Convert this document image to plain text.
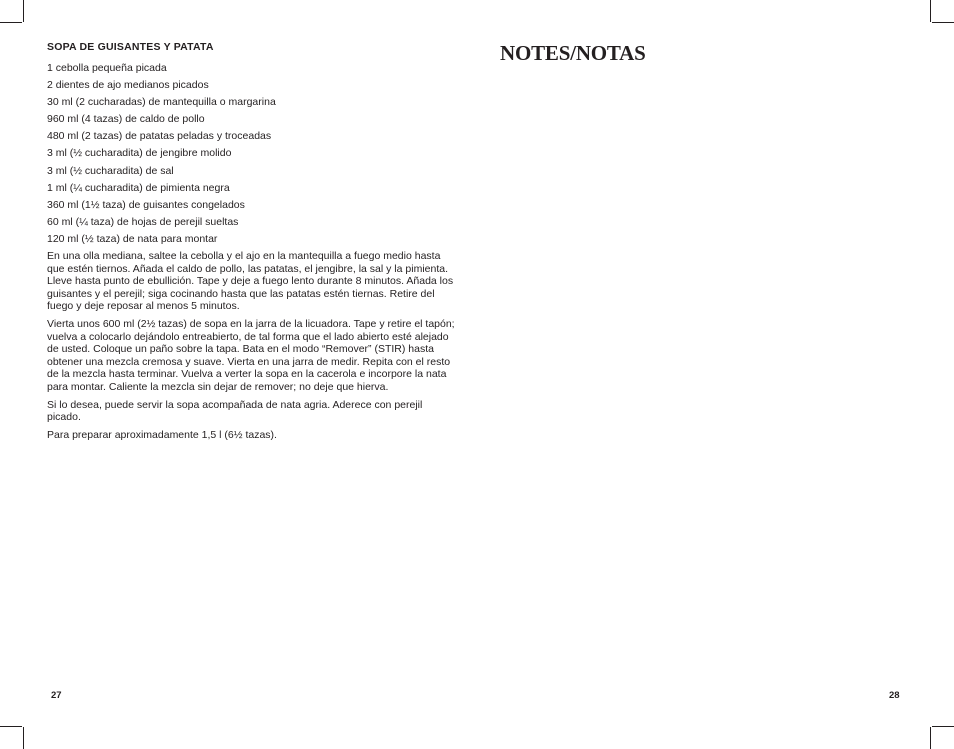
SOPA DE GUISANTES Y PATATA
1 cebolla pequeña picada
2 dientes de ajo medianos picados
30 ml (2 cucharadas) de mantequilla o margarina
960 ml (4 tazas) de caldo de pollo
480 ml (2 tazas) de patatas peladas y troceadas
3 ml (½ cucharadita) de jengibre molido
3 ml (½ cucharadita) de sal
1 ml (¼ cucharadita) de pimienta negra
360 ml (1½ taza) de guisantes congelados
60 ml (¼ taza) de hojas de perejil sueltas
120 ml (½ taza) de nata para montar

En una olla mediana, saltee la cebolla y el ajo en la mantequilla a fuego medio hasta que estén tiernos. Añada el caldo de pollo, las patatas, el jengibre, la sal y la pimienta. Lleve hasta punto de ebullición. Tape y deje a fuego lento durante 8 minutos. Añada los guisantes y el perejil; siga cocinando hasta que las patatas estén tiernas. Retire del fuego y deje reposar al menos 5 minutos.

Vierta unos 600 ml (2½ tazas) de sopa en la jarra de la licuadora. Tape y retire el tapón; vuelva a colocarlo dejándolo entreabierto, de tal forma que el lado abierto esté alejado de usted. Coloque un paño sobre la tapa. Bata en el modo “Remover” (STIR) hasta obtener una mezcla cremosa y suave. Vierta en una jarra de medir. Repita con el resto de la mezcla hasta terminar. Vuelva a verter la sopa en la cacerola e incorpore la nata para montar. Caliente la mezcla sin dejar de remover; no deje que hierva.

Si lo desea, puede servir la sopa acompañada de nata agria. Aderece con perejil picado.

Para preparar aproximadamente 1,5 l (6½ tazas).

27
NOTES/NOTAS
28
